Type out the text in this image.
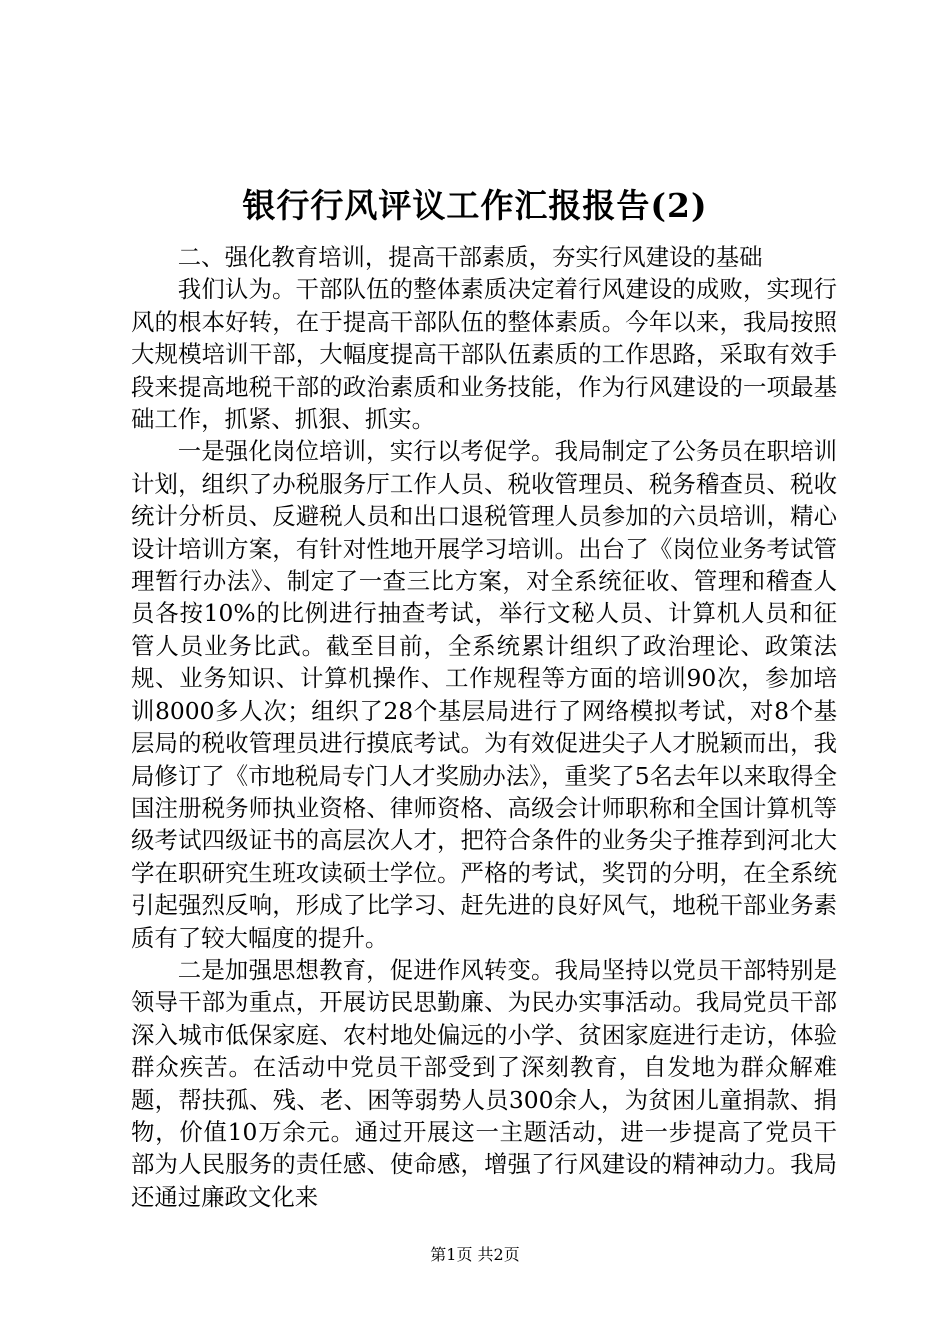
银行行风评议工作汇报报告(2)

二、强化教育培训，提高干部素质，夯实行风建设的基础

我们认为。干部队伍的整体素质决定着行风建设的成败，实现行风的根本好转，在于提高干部队伍的整体素质。今年以来，我局按照大规模培训干部，大幅度提高干部队伍素质的工作思路，采取有效手段来提高地税干部的政治素质和业务技能，作为行风建设的一项最基础工作，抓紧、抓狠、抓实。

一是强化岗位培训，实行以考促学。我局制定了公务员在职培训计划，组织了办税服务厅工作人员、税收管理员、税务稽查员、税收统计分析员、反避税人员和出口退税管理人员参加的六员培训，精心设计培训方案，有针对性地开展学习培训。出台了《岗位业务考试管理暂行办法》、制定了一查三比方案，对全系统征收、管理和稽查人员各按10%的比例进行抽查考试，举行文秘人员、计算机人员和征管人员业务比武。截至目前，全系统累计组织了政治理论、政策法规、业务知识、计算机操作、工作规程等方面的培训90次，参加培训8000多人次；组织了28个基层局进行了网络模拟考试，对8个基层局的税收管理员进行摸底考试。为有效促进尖子人才脱颖而出，我局修订了《市地税局专门人才奖励办法》，重奖了5名去年以来取得全国注册税务师执业资格、律师资格、高级会计师职称和全国计算机等级考试四级证书的高层次人才，把符合条件的业务尖子推荐到河北大学在职研究生班攻读硕士学位。严格的考试，奖罚的分明，在全系统引起强烈反响，形成了比学习、赶先进的良好风气，地税干部业务素质有了较大幅度的提升。

二是加强思想教育，促进作风转变。我局坚持以党员干部特别是领导干部为重点，开展访民思勤廉、为民办实事活动。我局党员干部深入城市低保家庭、农村地处偏远的小学、贫困家庭进行走访，体验群众疾苦。在活动中党员干部受到了深刻教育，自发地为群众解难题，帮扶孤、残、老、困等弱势人员300余人，为贫困儿童捐款、捐物，价值10万余元。通过开展这一主题活动，进一步提高了党员干部为人民服务的责任感、使命感，增强了行风建设的精神动力。我局还通过廉政文化来

第1页 共2页
